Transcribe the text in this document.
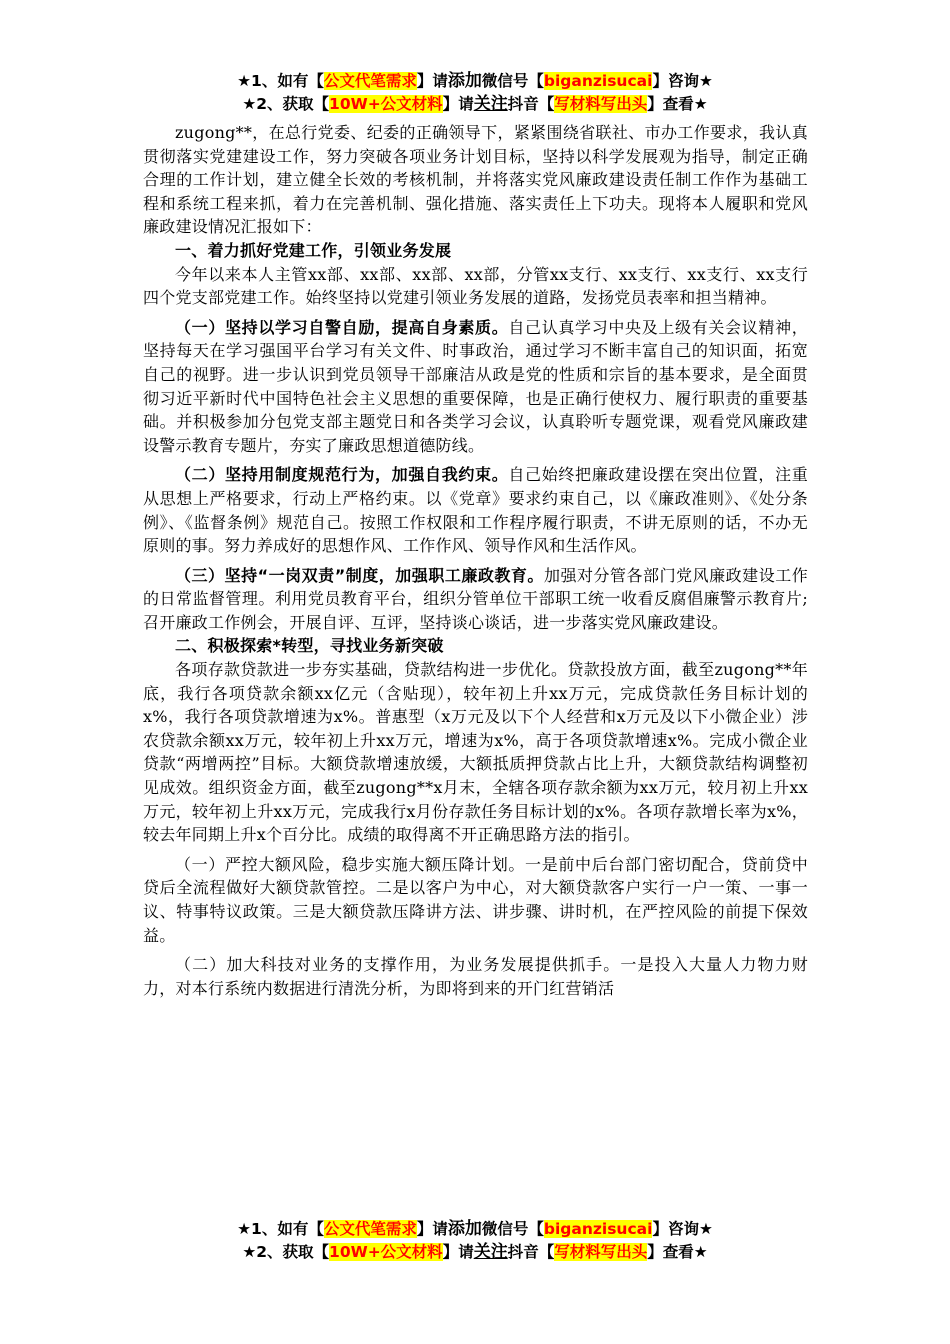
★1、如有【公文代笔需求】请添加微信号【biganzisucai】咨询★
★2、获取【10W+公文材料】请关注抖音【写材料写出头】查看★

zugong**，在总行党委、纪委的正确领导下，紧紧围绕省联社、市办工作要求，我认真贯彻落实党建建设工作，努力突破各项业务计划目标，坚持以科学发展观为指导，制定正确合理的工作计划，建立健全长效的考核机制，并将落实党风廉政建设责任制工作作为基础工程和系统工程来抓，着力在完善机制、强化措施、落实责任上下功夫。现将本人履职和党风廉政建设情况汇报如下：

一、着力抓好党建工作，引领业务发展

今年以来本人主管xx部、xx部、xx部、xx部，分管xx支行、xx支行、xx支行、xx支行四个党支部党建工作。始终坚持以党建引领业务发展的道路，发扬党员表率和担当精神。

（一）坚持以学习自警自励，提高自身素质。自己认真学习中央及上级有关会议精神，坚持每天在学习强国平台学习有关文件、时事政治，通过学习不断丰富自己的知识面，拓宽自己的视野。进一步认识到党员领导干部廉洁从政是党的性质和宗旨的基本要求，是全面贯彻习近平新时代中国特色社会主义思想的重要保障，也是正确行使权力、履行职责的重要基础。并积极参加分包党支部主题党日和各类学习会议，认真聆听专题党课，观看党风廉政建设警示教育专题片，夯实了廉政思想道德防线。

（二）坚持用制度规范行为，加强自我约束。自己始终把廉政建设摆在突出位置，注重从思想上严格要求，行动上严格约束。以《党章》要求约束自己，以《廉政准则》、《处分条例》、《监督条例》规范自己。按照工作权限和工作程序履行职责，不讲无原则的话，不办无原则的事。努力养成好的思想作风、工作作风、领导作风和生活作风。

（三）坚持“一岗双责”制度，加强职工廉政教育。加强对分管各部门党风廉政建设工作的日常监督管理。利用党员教育平台，组织分管单位干部职工统一收看反腐倡廉警示教育片;召开廉政工作例会，开展自评、互评，坚持谈心谈话，进一步落实党风廉政建设。

二、积极探索*转型，寻找业务新突破

各项存款贷款进一步夯实基础，贷款结构进一步优化。贷款投放方面，截至zugong**年底，我行各项贷款余额xx亿元（含贴现），较年初上升xx万元，完成贷款任务目标计划的x%，我行各项贷款增速为x%。普惠型（x万元及以下个人经营和x万元及以下小微企业）涉农贷款余额xx万元，较年初上升xx万元，增速为x%，高于各项贷款增速x%。完成小微企业贷款“两增两控”目标。大额贷款增速放缓，大额抵质押贷款占比上升，大额贷款结构调整初见成效。组织资金方面，截至zugong**x月末，全辖各项存款余额为xx万元，较月初上升xx万元，较年初上升xx万元，完成我行x月份存款任务目标计划的x%。各项存款增长率为x%，较去年同期上升x个百分比。成绩的取得离不开正确思路方法的指引。

（一）严控大额风险，稳步实施大额压降计划。一是前中后台部门密切配合，贷前贷中贷后全流程做好大额贷款管控。二是以客户为中心，对大额贷款客户实行一户一策、一事一议、特事特议政策。三是大额贷款压降讲方法、讲步骤、讲时机，在严控风险的前提下保效益。

（二）加大科技对业务的支撑作用，为业务发展提供抓手。一是投入大量人力物力财力，对本行系统内数据进行清洗分析，为即将到来的开门红营销活

★1、如有【公文代笔需求】请添加微信号【biganzisucai】咨询★
★2、获取【10W+公文材料】请关注抖音【写材料写出头】查看★
